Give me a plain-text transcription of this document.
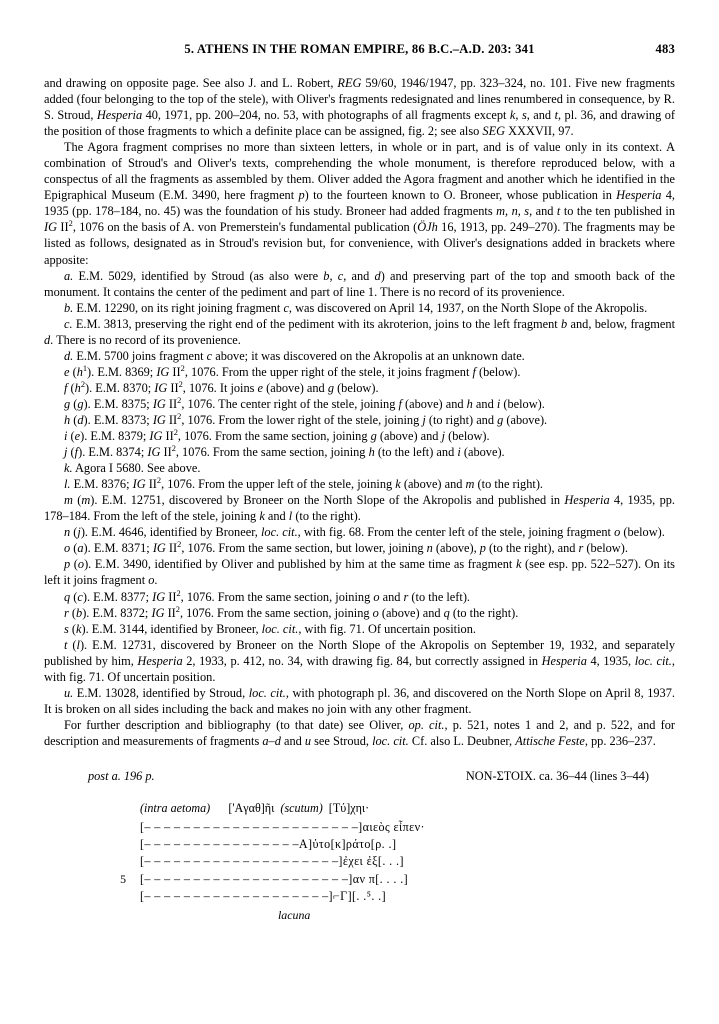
5. ATHENS IN THE ROMAN EMPIRE, 86 B.C.–A.D. 203: 341	483

and drawing on opposite page. See also J. and L. Robert, REG 59/60, 1946/1947, pp. 323–324, no. 101. Five new fragments added (four belonging to the top of the stele), with Oliver's fragments redesignated and lines renumbered in consequence, by R. S. Stroud, Hesperia 40, 1971, pp. 200–204, no. 53, with photographs of all fragments except k, s, and t, pl. 36, and drawing of the position of those fragments to which a definite place can be assigned, fig. 2; see also SEG XXXVII, 97.

The Agora fragment comprises no more than sixteen letters, in whole or in part, and is of value only in its context. A combination of Stroud's and Oliver's texts, comprehending the whole monument, is therefore reproduced below, with a conspectus of all the fragments as assembled by them. Oliver added the Agora fragment and another which he identified in the Epigraphical Museum (E.M. 3490, here fragment p) to the fourteen known to O. Broneer, whose publication in Hesperia 4, 1935 (pp. 178–184, no. 45) was the foundation of his study. Broneer had added fragments m, n, s, and t to the ten published in IG $II^2$, 1076 on the basis of A. von Premerstein's fundamental publication (ÖJh 16, 1913, pp. 249–270). The fragments may be listed as follows, designated as in Stroud's revision but, for convenience, with Oliver's designations added in brackets where apposite:

a. E.M. 5029, identified by Stroud (as also were b, c, and d) and preserving part of the top and smooth back of the monument. It contains the center of the pediment and part of line 1. There is no record of its provenience.

b. E.M. 12290, on its right joining fragment c, was discovered on April 14, 1937, on the North Slope of the Akropolis.

c. E.M. 3813, preserving the right end of the pediment with its akroterion, joins to the left fragment b and, below, fragment d. There is no record of its provenience.

d. E.M. 5700 joins fragment c above; it was discovered on the Akropolis at an unknown date.

e $(h^1)$. E.M. 8369; IG $II^2$, 1076. From the upper right of the stele, it joins fragment f (below).

f $(h^2)$. E.M. 8370; IG $II^2$, 1076. It joins e (above) and g (below).

g (g). E.M. 8375; IG $II^2$, 1076. The center right of the stele, joining f (above) and h and i (below).

h (d). E.M. 8373; IG $II^2$, 1076. From the lower right of the stele, joining j (to right) and g (above).

i (e). E.M. 8379; IG $II^2$, 1076. From the same section, joining g (above) and j (below).

j (f). E.M. 8374; IG $II^2$, 1076. From the same section, joining h (to the left) and i (above).

k. Agora I 5680. See above.

l. E.M. 8376; IG $II^2$, 1076. From the upper left of the stele, joining k (above) and m (to the right).

m (m). E.M. 12751, discovered by Broneer on the North Slope of the Akropolis and published in Hesperia 4, 1935, pp. 178–184. From the left of the stele, joining k and l (to the right).

n (j). E.M. 4646, identified by Broneer, loc. cit., with fig. 68. From the center left of the stele, joining fragment o (below).

o (a). E.M. 8371; IG $II^2$, 1076. From the same section, but lower, joining n (above), p (to the right), and r (below).

p (o). E.M. 3490, identified by Oliver and published by him at the same time as fragment k (see esp. pp. 522–527). On its left it joins fragment o.

q (c). E.M. 8377; IG $II^2$, 1076. From the same section, joining o and r (to the left).

r (b). E.M. 8372; IG $II^2$, 1076. From the same section, joining o (above) and q (to the right).

s (k). E.M. 3144, identified by Broneer, loc. cit., with fig. 71. Of uncertain position.

t (l). E.M. 12731, discovered by Broneer on the North Slope of the Akropolis on September 19, 1932, and separately published by him, Hesperia 2, 1933, p. 412, no. 34, with drawing fig. 84, but correctly assigned in Hesperia 4, 1935, loc. cit., with fig. 71. Of uncertain position.

u. E.M. 13028, identified by Stroud, loc. cit., with photograph pl. 36, and discovered on the North Slope on April 8, 1937. It is broken on all sides including the back and makes no join with any other fragment.

For further description and bibliography (to that date) see Oliver, op. cit., p. 521, notes 1 and 2, and p. 522, and for description and measurements of fragments a–d and u see Stroud, loc. cit. Cf. also L. Deubner, Attische Feste, pp. 236–237.

post a. 196 p.	NON-ΣTOIX. ca. 36–44 (lines 3–44)
(intra aetoma) ['Aγαθ]ῆι (scutum) [Tύ]χηι·
[– – – – – – – – – – – – – – – – – – – – – –]αιεὸς εἶπεν·
[– – – – – – – – – – – – – – – –Α]ὐτο[κ]ράτο[ρ. .]
[– – – – – – – – – – – – – – – – – – – –]ἐχει ἐξ[. . .]
5	[– – – – – – – – – – – – – – – – – – – – –]αν π[. . . .]
[– – – – – – – – – – – – – – – – – – –]⌐Γ][. .⁵. .]
lacuna
